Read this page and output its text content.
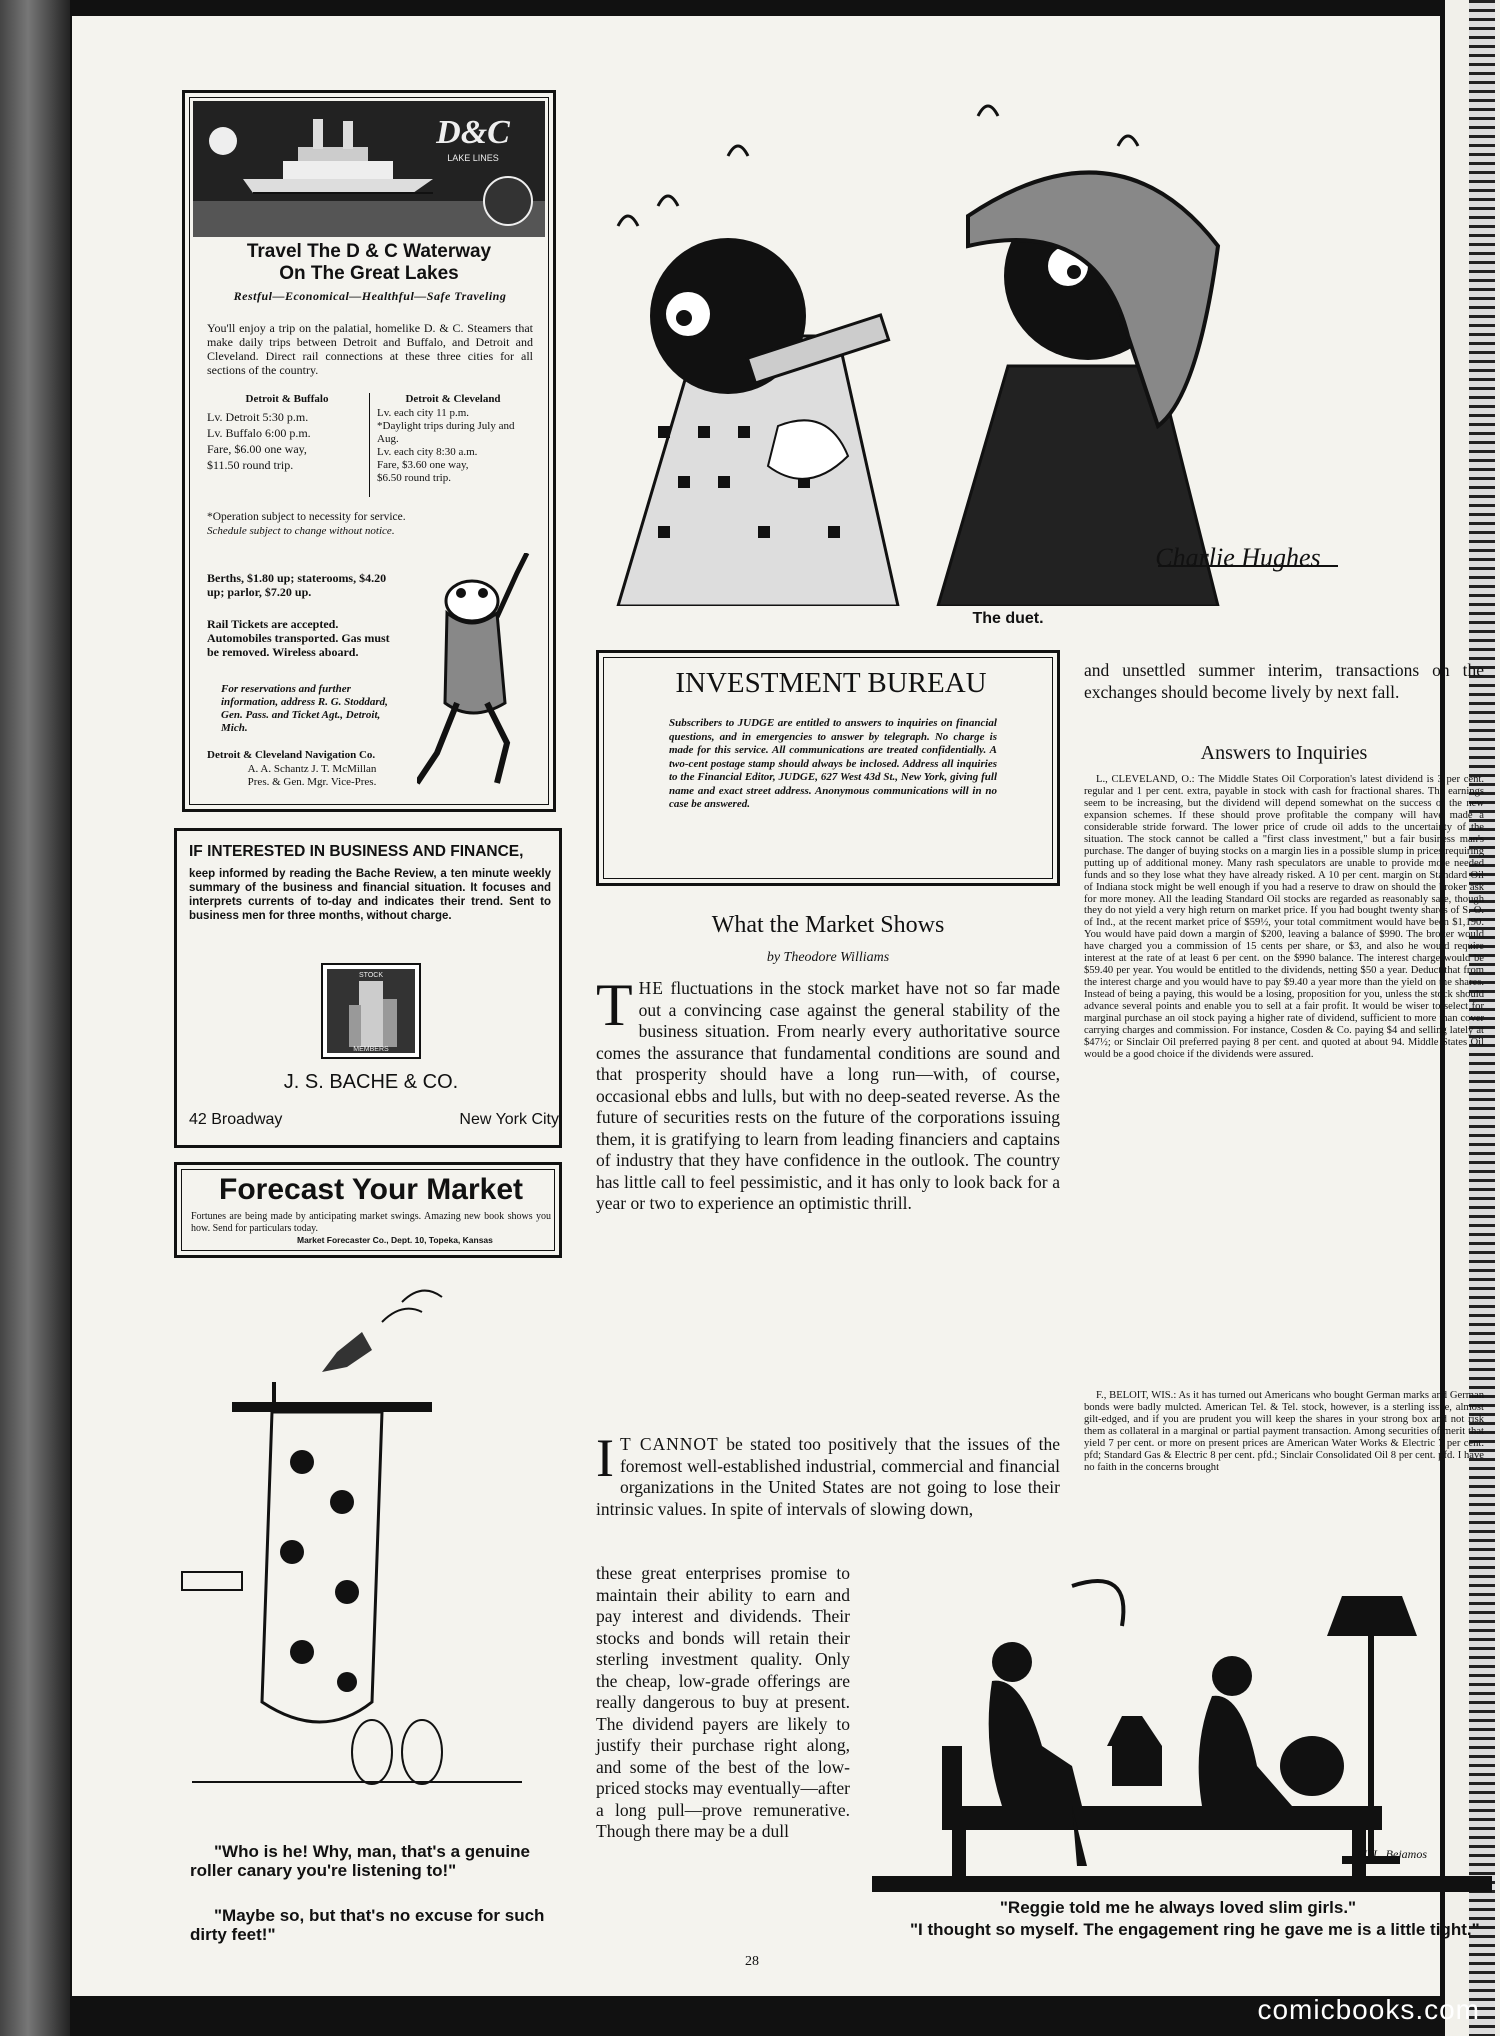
D&C
LAKE LINES
Travel The D & C Waterway
On The Great Lakes
Restful—Economical—Healthful—Safe Traveling
You'll enjoy a trip on the palatial, homelike D. & C. Steamers that make daily trips between Detroit and Buffalo, and Detroit and Cleveland. Direct rail connections at these three cities for all sections of the country.
Detroit & Buffalo
Lv. Detroit 5:30 p.m.
Lv. Buffalo 6:00 p.m.
Fare, $6.00 one way,
$11.50 round trip.
Detroit & Cleveland
Lv. each city 11 p.m.
*Daylight trips during July and Aug.
Lv. each city 8:30 a.m.
Fare, $3.60 one way,
$6.50 round trip.
*Operation subject to necessity for service.
Schedule subject to change without notice.
Berths, $1.80 up; staterooms, $4.20 up; parlor, $7.20 up.
Rail Tickets are accepted. Automobiles transported. Gas must be removed. Wireless aboard.
For reservations and further information, address R. G. Stoddard, Gen. Pass. and Ticket Agt., Detroit, Mich.
Detroit & Cleveland Navigation Co.
A. A. Schantz J. T. McMillan
Pres. & Gen. Mgr. Vice-Pres.
IF INTERESTED IN BUSINESS AND FINANCE,
keep informed by reading the Bache Review, a ten minute weekly summary of the business and financial situation. It focuses and interprets currents of to-day and indicates their trend. Sent to business men for three months, without charge.
STOCK
MEMBERS
J. S. BACHE & CO.
42 Broadway	New York City
Forecast Your Market
Fortunes are being made by anticipating market swings. Amazing new book shows you how. Send for particulars today.
Market Forecaster Co., Dept. 10, Topeka, Kansas
"Who is he! Why, man, that's a genuine roller canary you're listening to!"
"Maybe so, but that's no excuse for such dirty feet!"
Charlie Hughes
The duet.
INVESTMENT BUREAU
Subscribers to JUDGE are entitled to answers to inquiries on financial questions, and in emergencies to answer by telegraph. No charge is made for this service. All communications are treated confidentially. A two-cent postage stamp should always be inclosed. Address all inquiries to the Financial Editor, JUDGE, 627 West 43d St., New York, giving full name and exact street address. Anonymous communications will in no case be answered.
What the Market Shows
by Theodore Williams
T HE fluctuations in the stock market have not so far made out a convincing case against the general stability of the business situation. From nearly every authoritative source comes the assurance that fundamental conditions are sound and that prosperity should have a long run—with, of course, occasional ebbs and lulls, but with no deep-seated reverse. As the future of securities rests on the future of the corporations issuing them, it is gratifying to learn from leading financiers and captains of industry that they have confidence in the outlook. The country has little call to feel pessimistic, and it has only to look back for a year or two to experience an optimistic thrill.
I T CANNOT be stated too positively that the issues of the foremost well-established industrial, commercial and financial organizations in the United States are not going to lose their intrinsic values. In spite of intervals of slowing down,
these great enterprises promise to maintain their ability to earn and pay interest and dividends. Their stocks and bonds will retain their sterling investment quality. Only the cheap, low-grade offerings are really dangerous to buy at present. The dividend payers are likely to justify their purchase right along, and some of the best of the low-priced stocks may eventually—after a long pull—prove remunerative. Though there may be a dull
and unsettled summer interim, transactions on the exchanges should become lively by next fall.
Answers to Inquiries
L., CLEVELAND, O.: The Middle States Oil Corporation's latest dividend is 3 per cent. regular and 1 per cent. extra, payable in stock with cash for fractional shares. The earnings seem to be increasing, but the dividend will depend somewhat on the success of the new expansion schemes. If these should prove profitable the company will have made a considerable stride forward. The lower price of crude oil adds to the uncertainty of the situation. The stock cannot be called a "first class investment," but a fair business man's purchase. The danger of buying stocks on a margin lies in a possible slump in prices requiring putting up of additional money. Many rash speculators are unable to provide more needed funds and so they lose what they have already risked. A 10 per cent. margin on Standard Oil of Indiana stock might be well enough if you had a reserve to draw on should the broker ask for more money. All the leading Standard Oil stocks are regarded as reasonably safe, though they do not yield a very high return on market price. If you had bought twenty shares of S. O. of Ind., at the recent market price of $59½, your total commitment would have been $1,190. You would have paid down a margin of $200, leaving a balance of $990. The broker would have charged you a commission of 15 cents per share, or $3, and also he would require interest at the rate of at least 6 per cent. on the $990 balance. The interest charge would be $59.40 per year. You would be entitled to the dividends, netting $50 a year. Deduct that from the interest charge and you would have to pay $9.40 a year more than the yield on the shares. Instead of being a paying, this would be a losing, proposition for you, unless the stock should advance several points and enable you to sell at a fair profit. It would be wiser to select for marginal purchase an oil stock paying a higher rate of dividend, sufficient to more than cover carrying charges and commission. For instance, Cosden & Co. paying $4 and selling lately at $47½; or Sinclair Oil preferred paying 8 per cent. and quoted at about 94. Middle States Oil would be a good choice if the dividends were assured.
F., BELOIT, WIS.: As it has turned out Americans who bought German marks and German bonds were badly mulcted. American Tel. & Tel. stock, however, is a sterling issue, almost gilt-edged, and if you are prudent you will keep the shares in your strong box and not risk them as collateral in a marginal or partial payment transaction. Among securities of merit that yield 7 per cent. or more on present prices are American Water Works & Electric 7 per cent. pfd; Standard Gas & Electric 8 per cent. pfd.; Sinclair Consolidated Oil 8 per cent. pfd. I have no faith in the concerns brought
M. L. Bejamos
"Reggie told me he always loved slim girls."
"I thought so myself. The engagement ring he gave me is a little tight."
28
comicbooks.com
